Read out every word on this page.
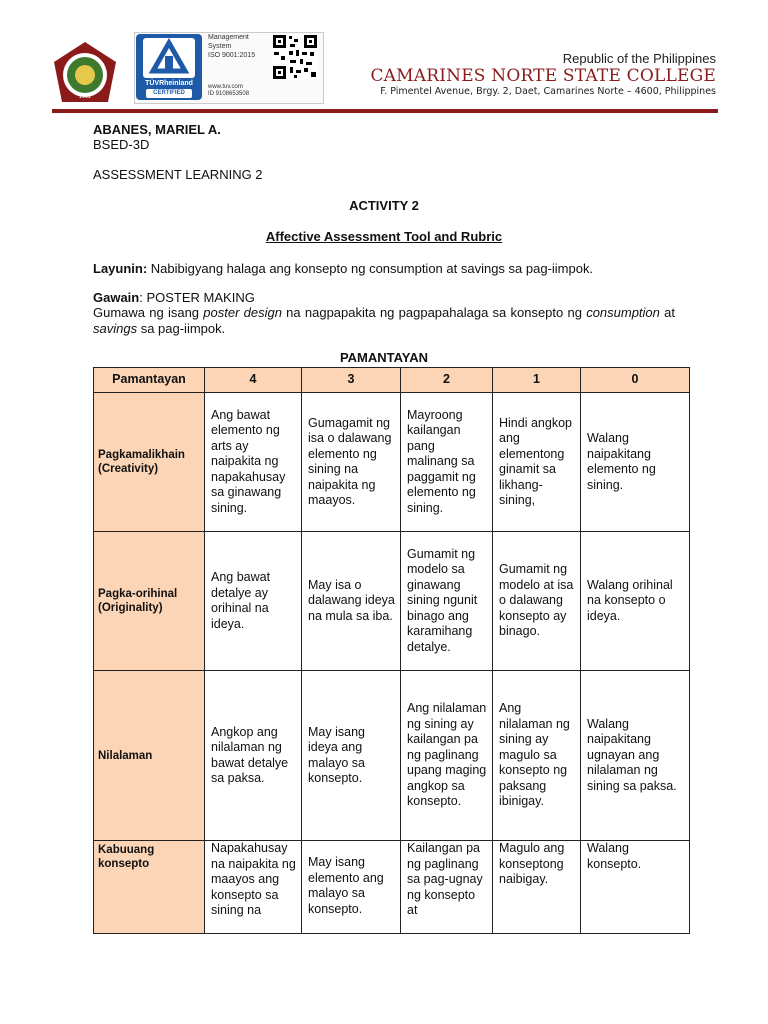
1992
TÜVRheinland
CERTIFIED
Management
System
ISO 9001:2015
www.tuv.com
ID 9108653508
Republic of the Philippines
CAMARINES NORTE STATE COLLEGE
F. Pimentel Avenue, Brgy. 2, Daet, Camarines Norte – 4600, Philippines
ABANES, MARIEL A.
BSED-3D
ASSESSMENT LEARNING 2
ACTIVITY 2
Affective Assessment Tool and Rubric
Layunin: Nabibigyang halaga ang konsepto ng consumption at savings sa pag-iimpok.
Gawain: POSTER MAKING
Gumawa ng isang poster design na nagpapakita ng pagpapahalaga sa konsepto ng consumption at savings sa pag-iimpok.
PAMANTAYAN
Pamantayan	4	3	2	1	0
Pagkamalikhain (Creativity)	Ang bawat elemento ng arts ay naipakita ng napakahusay sa ginawang sining.	Gumagamit ng isa o dalawang elemento ng sining na naipakita ng maayos.	Mayroong kailangan pang malinang sa paggamit ng elemento ng sining.	Hindi angkop ang elementong ginamit sa likhang-sining,	Walang naipakitang elemento ng sining.
Pagka-orihinal (Originality)	Ang bawat detalye ay orihinal na ideya.	May isa o dalawang ideya na mula sa iba.	Gumamit ng modelo sa ginawang sining ngunit binago ang karamihang detalye.	Gumamit ng modelo at isa o dalawang konsepto ay binago.	Walang orihinal na konsepto o ideya.
Nilalaman	Angkop ang nilalaman ng bawat detalye sa paksa.	May isang ideya ang malayo sa konsepto.	Ang nilalaman ng sining ay kailangan pa ng paglinang upang maging angkop sa konsepto.	Ang nilalaman ng sining ay magulo sa konsepto ng paksang ibinigay.	Walang naipakitang ugnayan ang nilalaman ng sining sa paksa.
Kabuuang konsepto	Napakahusay na naipakita ng maayos ang konsepto sa sining na	May isang elemento ang malayo sa konsepto.	Kailangan pa ng paglinang sa pag-ugnay ng konsepto at	Magulo ang konseptong naibigay.	Walang konsepto.
